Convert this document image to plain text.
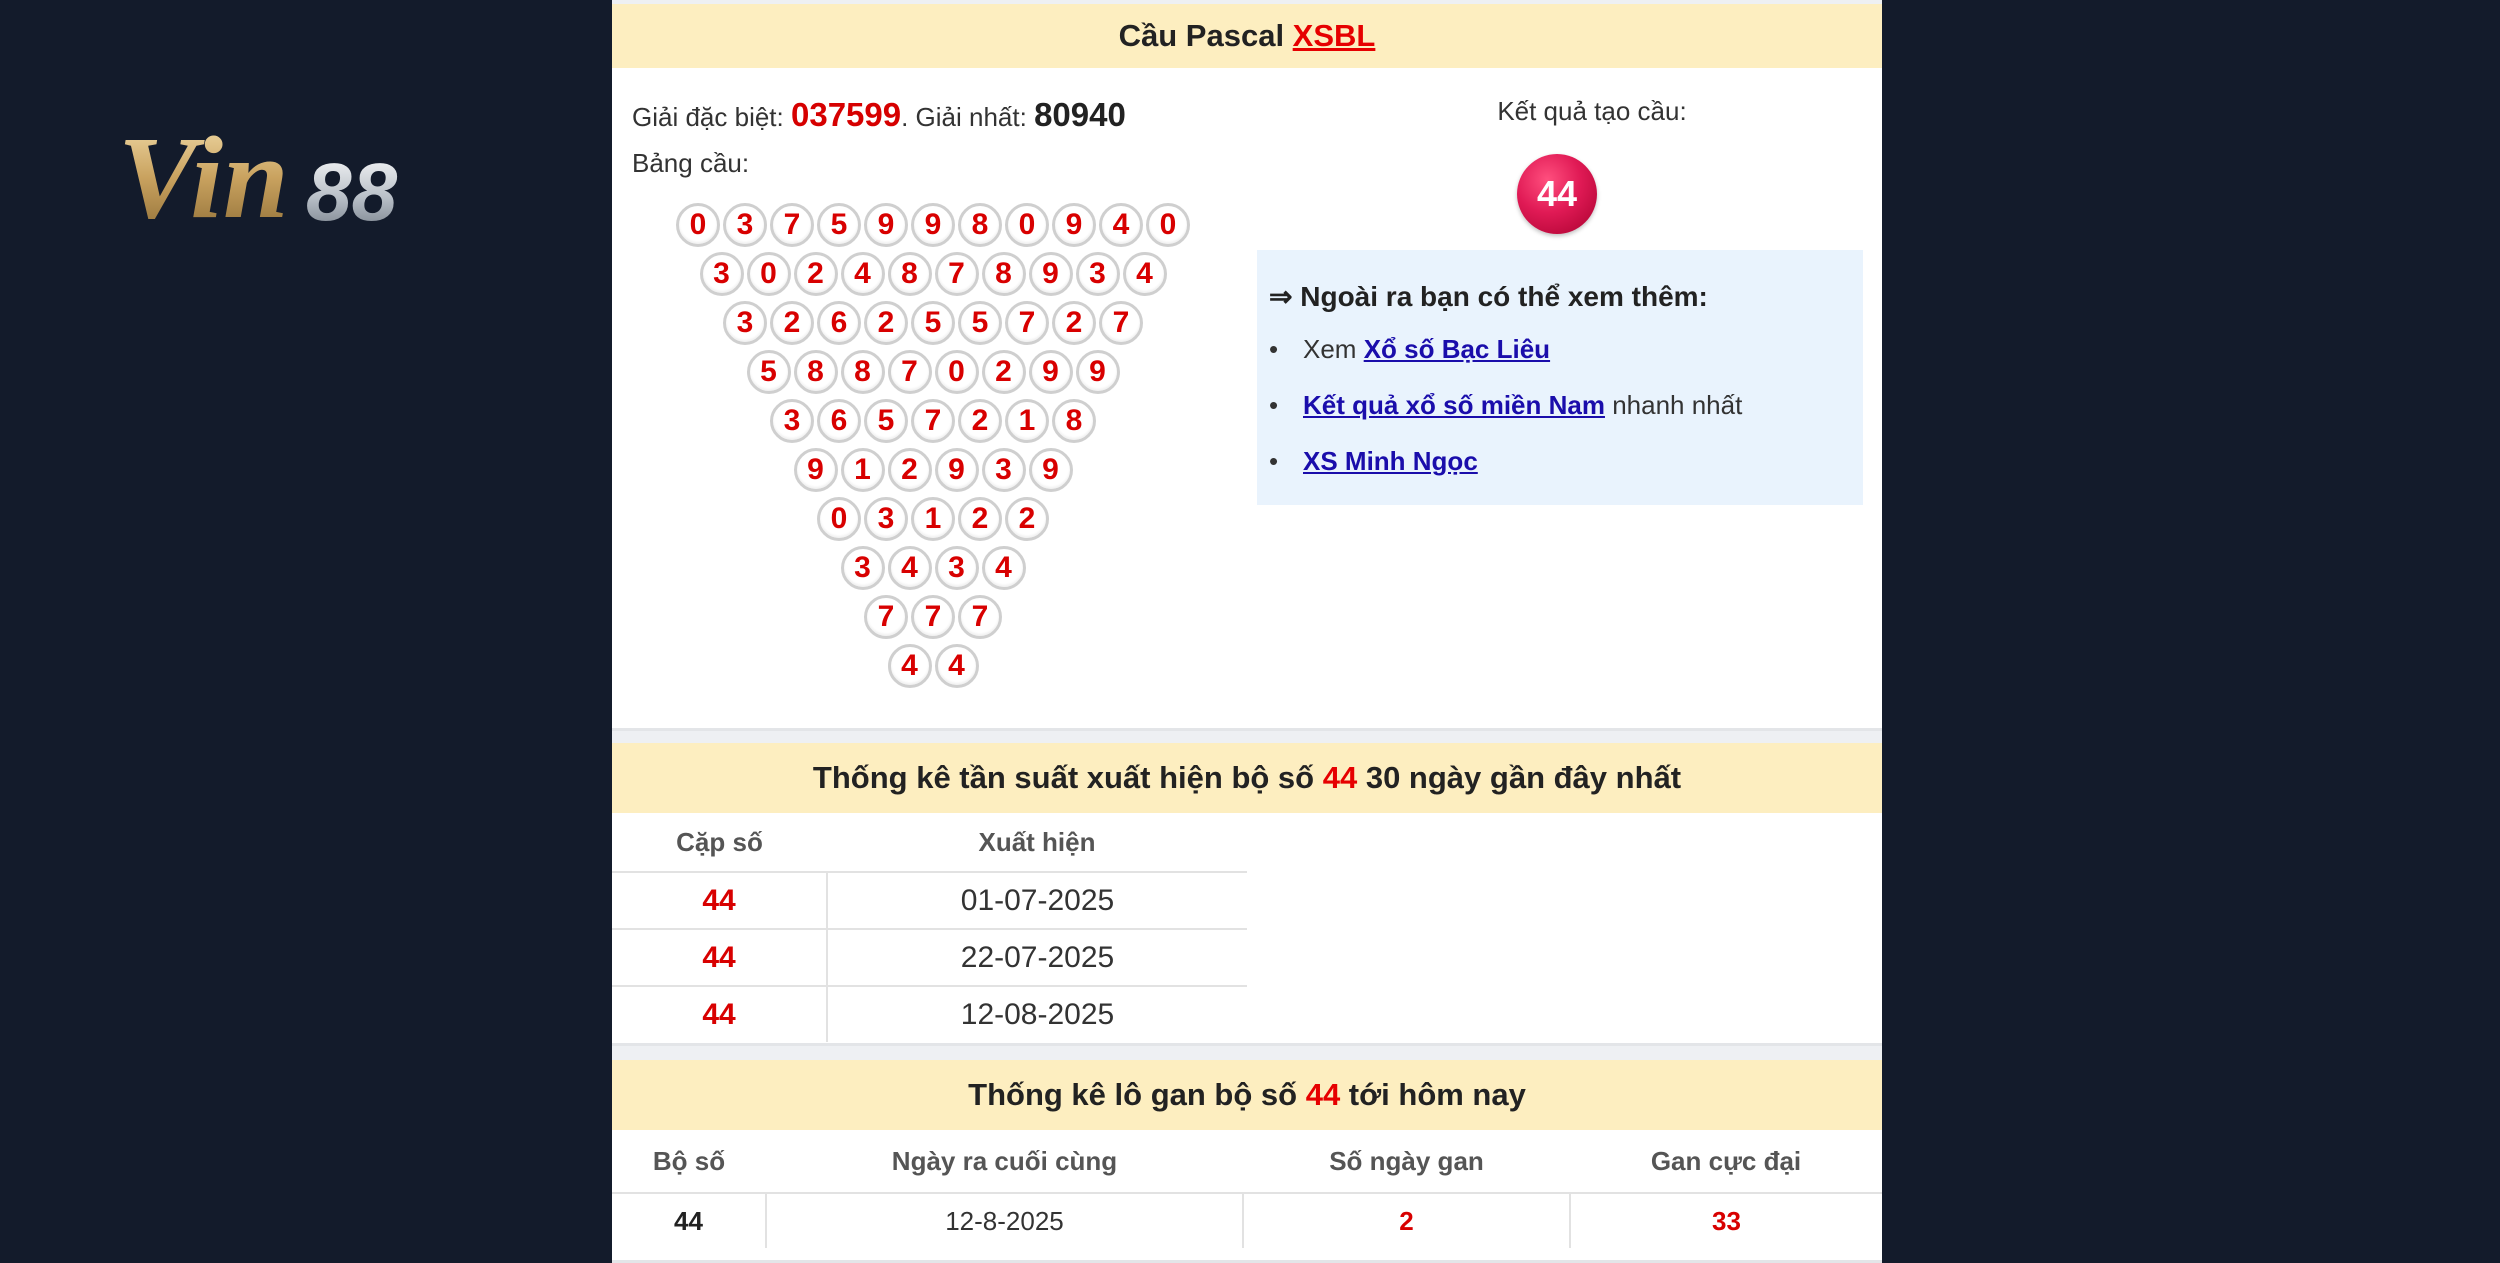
Vin 88
Cầu Pascal XSBL
Giải đặc biệt: 037599. Giải nhất: 80940
Bảng cầu:
0	3	7	5	9	9	8	0	9	4	0
3	0	2	4	8	7	8	9	3	4
3	2	6	2	5	5	7	2	7
5	8	8	7	0	2	9	9
3	6	5	7	2	1	8
9	1	2	9	3	9
0	3	1	2	2
3	4	3	4
7	7	7
4	4
Kết quả tạo cầu:
44
⇒ Ngoài ra bạn có thể xem thêm:
• Xem Xổ số Bạc Liêu
• Kết quả xổ số miền Nam nhanh nhất
• XS Minh Ngọc
Thống kê tần suất xuất hiện bộ số 44 30 ngày gần đây nhất
Cặp số	Xuất hiện
44	01-07-2025
44	22-07-2025
44	12-08-2025
Thống kê lô gan bộ số 44 tới hôm nay
Bộ số	Ngày ra cuối cùng	Số ngày gan	Gan cực đại
44	12-8-2025	2	33
